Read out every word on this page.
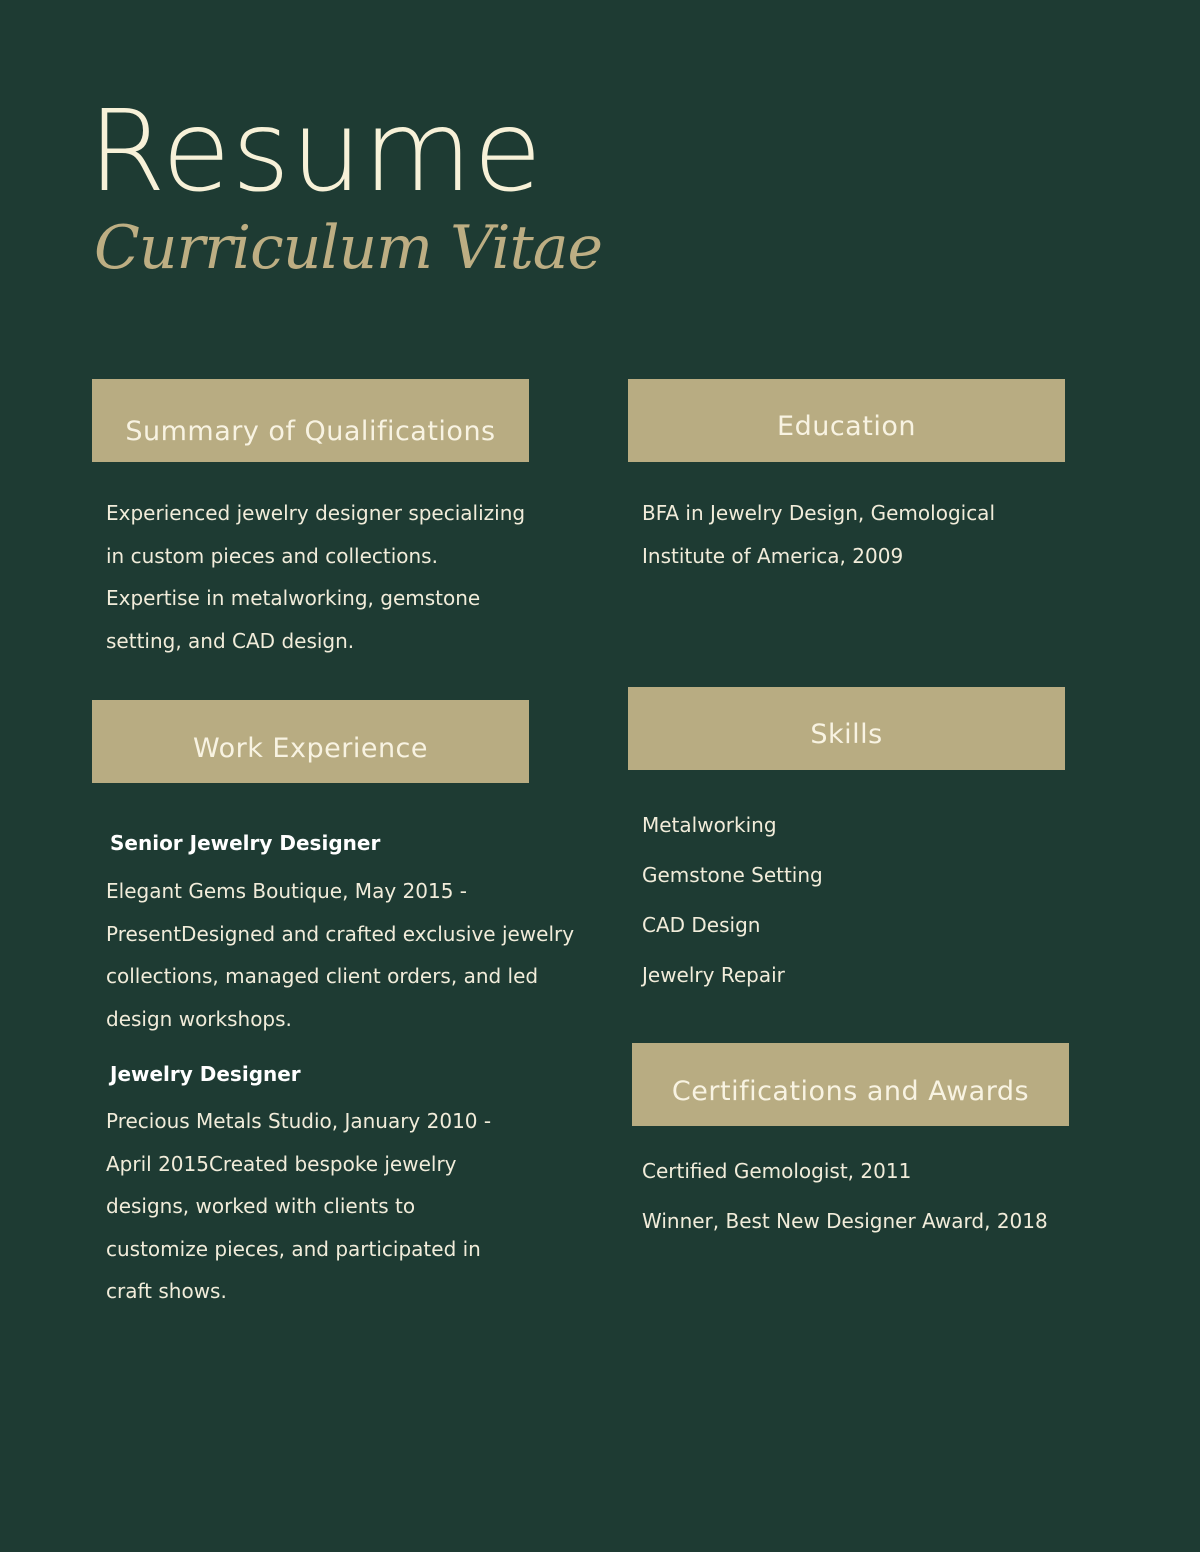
Resume
Curriculum Vitae
Summary of Qualifications
Experienced jewelry designer specializing in custom pieces and collections. Expertise in metalworking, gemstone setting, and CAD design.
Education
BFA in Jewelry Design, Gemological Institute of America, 2009
Work Experience
Senior Jewelry Designer
Elegant Gems Boutique, May 2015 - PresentDesigned and crafted exclusive jewelry collections, managed client orders, and led design workshops.
Jewelry Designer
Precious Metals Studio, January 2010 - April 2015Created bespoke jewelry designs, worked with clients to customize pieces, and participated in craft shows.
Skills
Metalworking
Gemstone Setting
CAD Design
Jewelry Repair
Certifications and Awards
Certified Gemologist, 2011
Winner, Best New Designer Award, 2018
